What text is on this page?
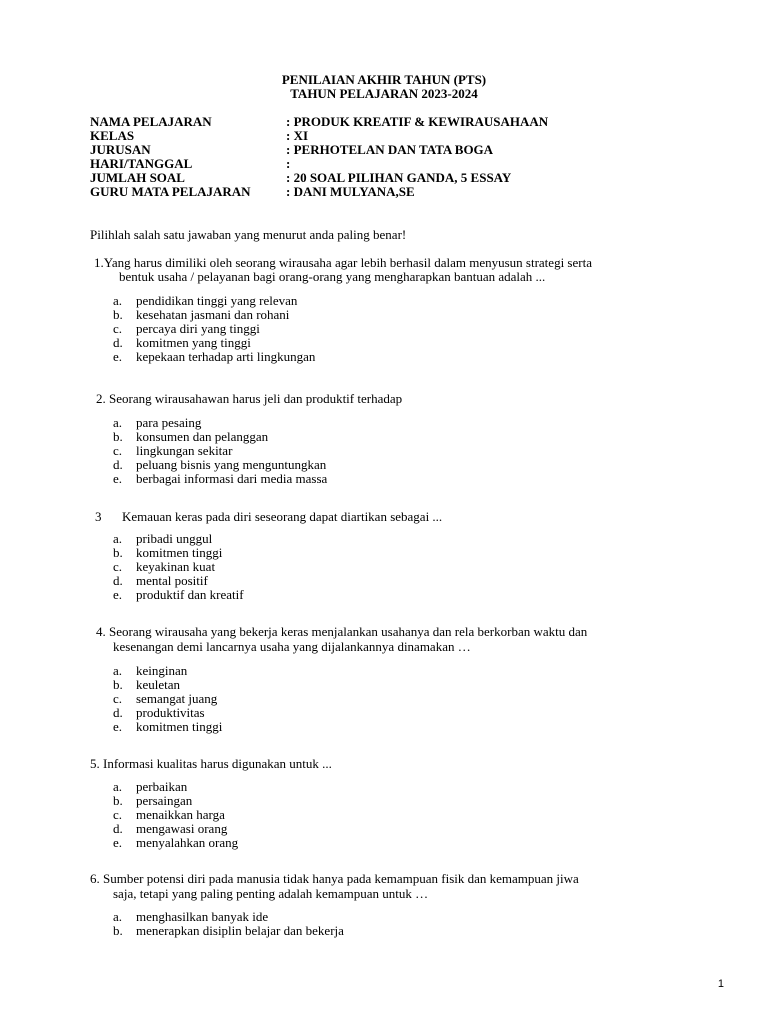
PENILAIAN AKHIR TAHUN (PTS)
TAHUN PELAJARAN 2023-2024
NAMA PELAJARAN	: PRODUK KREATIF & KEWIRAUSAHAAN
KELAS	: XI
JURUSAN	: PERHOTELAN DAN TATA BOGA
HARI/TANGGAL	:
JUMLAH SOAL	: 20 SOAL PILIHAN GANDA, 5 ESSAY
GURU MATA PELAJARAN	: DANI MULYANA,SE
Pilihlah salah satu jawaban yang menurut anda paling benar!
1.Yang harus dimiliki oleh seorang wirausaha agar lebih berhasil dalam menyusun strategi serta
bentuk usaha / pelayanan bagi orang-orang yang mengharapkan bantuan adalah ...
a. pendidikan tinggi yang relevan
b. kesehatan jasmani dan rohani
c. percaya diri yang tinggi
d. komitmen yang tinggi
e. kepekaan terhadap arti lingkungan
2. Seorang wirausahawan harus jeli dan produktif terhadap
a. para pesaing
b. konsumen dan pelanggan
c. lingkungan sekitar
d. peluang bisnis yang menguntungkan
e. berbagai informasi dari media massa
3 Kemauan keras pada diri seseorang dapat diartikan sebagai ...
a. pribadi unggul
b. komitmen tinggi
c. keyakinan kuat
d. mental positif
e. produktif dan kreatif
4. Seorang wirausaha yang bekerja keras menjalankan usahanya dan rela berkorban waktu dan
kesenangan demi lancarnya usaha yang dijalankannya dinamakan …
a. keinginan
b. keuletan
c. semangat juang
d. produktivitas
e. komitmen tinggi
5. Informasi kualitas harus digunakan untuk ...
a. perbaikan
b. persaingan
c. menaikkan harga
d. mengawasi orang
e. menyalahkan orang
6. Sumber potensi diri pada manusia tidak hanya pada kemampuan fisik dan kemampuan jiwa
saja, tetapi yang paling penting adalah kemampuan untuk …
a. menghasilkan banyak ide
b. menerapkan disiplin belajar dan bekerja
1
